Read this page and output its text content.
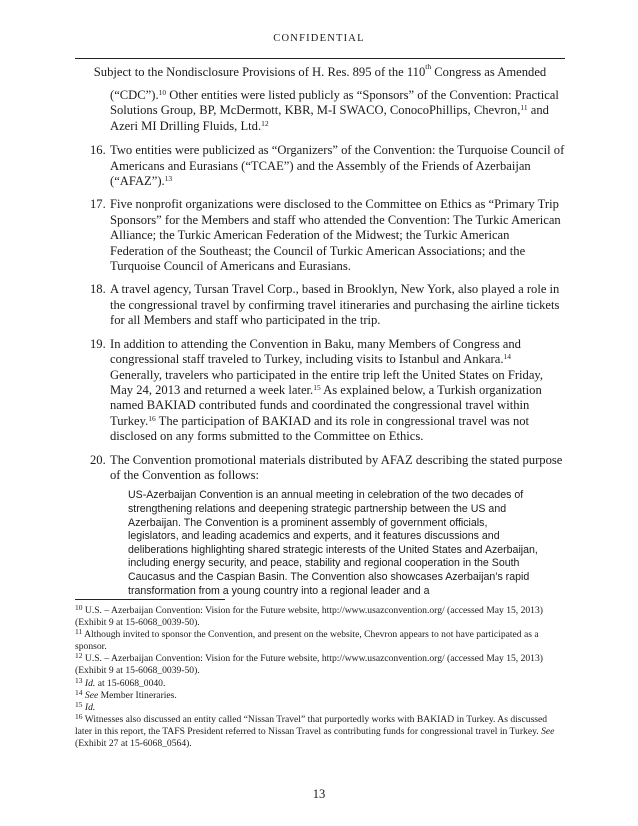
CONFIDENTIAL
Subject to the Nondisclosure Provisions of H. Res. 895 of the 110th Congress as Amended

(“CDC”).$^{10}$ Other entities were listed publicly as “Sponsors” of the Convention: Practical Solutions Group, BP, McDermott, KBR, M-I SWACO, ConocoPhillips, Chevron,$^{11}$ and Azeri MI Drilling Fluids, Ltd.$^{12}$

16. Two entities were publicized as “Organizers” of the Convention: the Turquoise Council of Americans and Eurasians (“TCAE”) and the Assembly of the Friends of Azerbaijan (“AFAZ”).$^{13}$
17. Five nonprofit organizations were disclosed to the Committee on Ethics as “Primary Trip Sponsors” for the Members and staff who attended the Convention: The Turkic American Alliance; the Turkic American Federation of the Midwest; the Turkic American Federation of the Southeast; the Council of Turkic American Associations; and the Turquoise Council of Americans and Eurasians.
18. A travel agency, Tursan Travel Corp., based in Brooklyn, New York, also played a role in the congressional travel by confirming travel itineraries and purchasing the airline tickets for all Members and staff who participated in the trip.
19. In addition to attending the Convention in Baku, many Members of Congress and congressional staff traveled to Turkey, including visits to Istanbul and Ankara.$^{14}$ Generally, travelers who participated in the entire trip left the United States on Friday, May 24, 2013 and returned a week later.$^{15}$ As explained below, a Turkish organization named BAKIAD contributed funds and coordinated the congressional travel within Turkey.$^{16}$ The participation of BAKIAD and its role in congressional travel was not disclosed on any forms submitted to the Committee on Ethics.
20. The Convention promotional materials distributed by AFAZ describing the stated purpose of the Convention as follows:
US-Azerbaijan Convention is an annual meeting in celebration of the two decades of strengthening relations and deepening strategic partnership between the US and Azerbaijan. The Convention is a prominent assembly of government officials, legislators, and leading academics and experts, and it features discussions and deliberations highlighting shared strategic interests of the United States and Azerbaijan, including energy security, and peace, stability and regional cooperation in the South Caucasus and the Caspian Basin. The Convention also showcases Azerbaijan’s rapid transformation from a young country into a regional leader and a

$^{10}$ U.S. – Azerbaijan Convention: Vision for the Future website, http://www.usazconvention.org/ (accessed May 15, 2013) (Exhibit 9 at 15-6068_0039-50).

$^{11}$ Although invited to sponsor the Convention, and present on the website, Chevron appears to not have participated as a sponsor.

$^{12}$ U.S. – Azerbaijan Convention: Vision for the Future website, http://www.usazconvention.org/ (accessed May 15, 2013) (Exhibit 9 at 15-6068_0039-50).

$^{13}$ Id. at 15-6068_0040.

$^{14}$ See Member Itineraries.

$^{15}$ Id.

$^{16}$ Witnesses also discussed an entity called “Nissan Travel” that purportedly works with BAKIAD in Turkey. As discussed later in this report, the TAFS President referred to Nissan Travel as contributing funds for congressional travel in Turkey. See (Exhibit 27 at 15-6068_0564).

13
